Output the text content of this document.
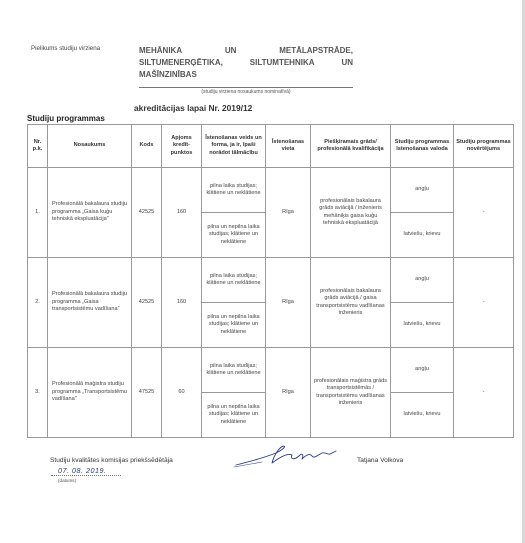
Pielikums studiju virziena	MEHĀNIKA	UN	METĀLAPSTRĀDE,
SILTUMENERĢĒTIKA,	SILTUMTEHNIKA	UN
MAŠĪNZINĪBAS
(studiju virziena nosaukums nominatīvā)
akreditācijas lapai Nr. 2019/12
Studiju programmas
Nr. p.k.	Nosaukums	Kods	Apjoms kredīt-punktos	Īstenošanas veids un forma, ja ir, īpaši norādot tālmācību	Īstenošanas vieta	Piešķiramais grāds/ profesionālā kvalifikācija	Studiju programmas īstenošanas valoda	Studiju programmas novērtējums
1.	Profesionālā bakalaura studiju programma „Gaisa kuģu tehniskā ekspluatācija”	42525	160	pilna laika studijas; klātiene un neklātiene	Rīga	profesionālais bakalaura grāds aviācijā / inženieris mehāniķis gaisa kuģu tehniskā ekspluatācijā	angļu	-
				pilna un nepilna laika studijas; klātiene un neklātiene			latviešu, krievu	
2.	Profesionālā bakalaura studiju programma „Gaisa transportsistēmu vadīšana”	42525	160	pilna laika studijas; klātiene un neklātiene	Rīga	profesionālais bakalaura grāds aviācijā / gaisa transportsistēmu vadīšanas inženieris	angļu	-
				pilna un nepilna laika studijas; klātiene un neklātiene			latviešu, krievu	
3.	Profesionālā maģistra studiju programma „Transportsistēmu vadīšana”	47525	60	pilna laika studijas; klātiene un neklātiene	Rīga	profesionālais maģistra grāds transportsistēmās / transportsistēmu vadīšanas inženieris	angļu	-
				pilna un nepilna laika studijas; klātiene un neklātiene			latviešu, krievu	
Studiju kvalitātes komisijas priekšsēdētāja
07. 08. 2019.
(datums)
Tatjana Volkova
